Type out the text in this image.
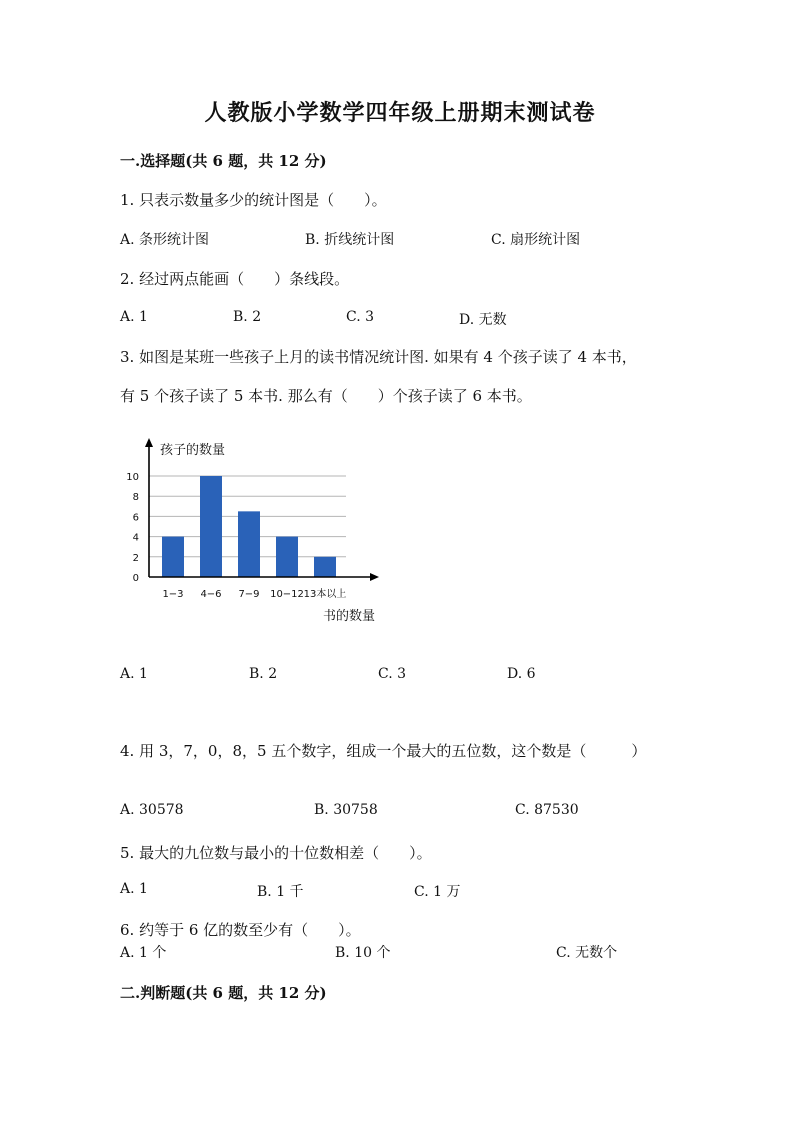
人教版小学数学四年级上册期末测试卷
一.选择题(共 6 题，共 12 分)
1. 只表示数量多少的统计图是（　　）。
A. 条形统计图	B. 折线统计图	C. 扇形统计图
2. 经过两点能画（　　）条线段。
A. 1	B. 2	C. 3	D. 无数
3. 如图是某班一些孩子上月的读书情况统计图. 如果有 4 个孩子读了 4 本书，
有 5 个孩子读了 5 本书. 那么有（　　）个孩子读了 6 本书。
0
2
4
6
8
10
1−3 4−6 7−9 10−12 13本以上
孩子的数量
书的数量
A. 1	B. 2	C. 3	D. 6
4. 用 3，7，0，8，5 五个数字，组成一个最大的五位数，这个数是（　　　）
A. 30578	B. 30758	C. 87530
5. 最大的九位数与最小的十位数相差（　　）。
A. 1	B. 1 千	C. 1 万
6. 约等于 6 亿的数至少有（　　）。
A. 1 个	B. 10 个	C. 无数个
二.判断题(共 6 题，共 12 分)
